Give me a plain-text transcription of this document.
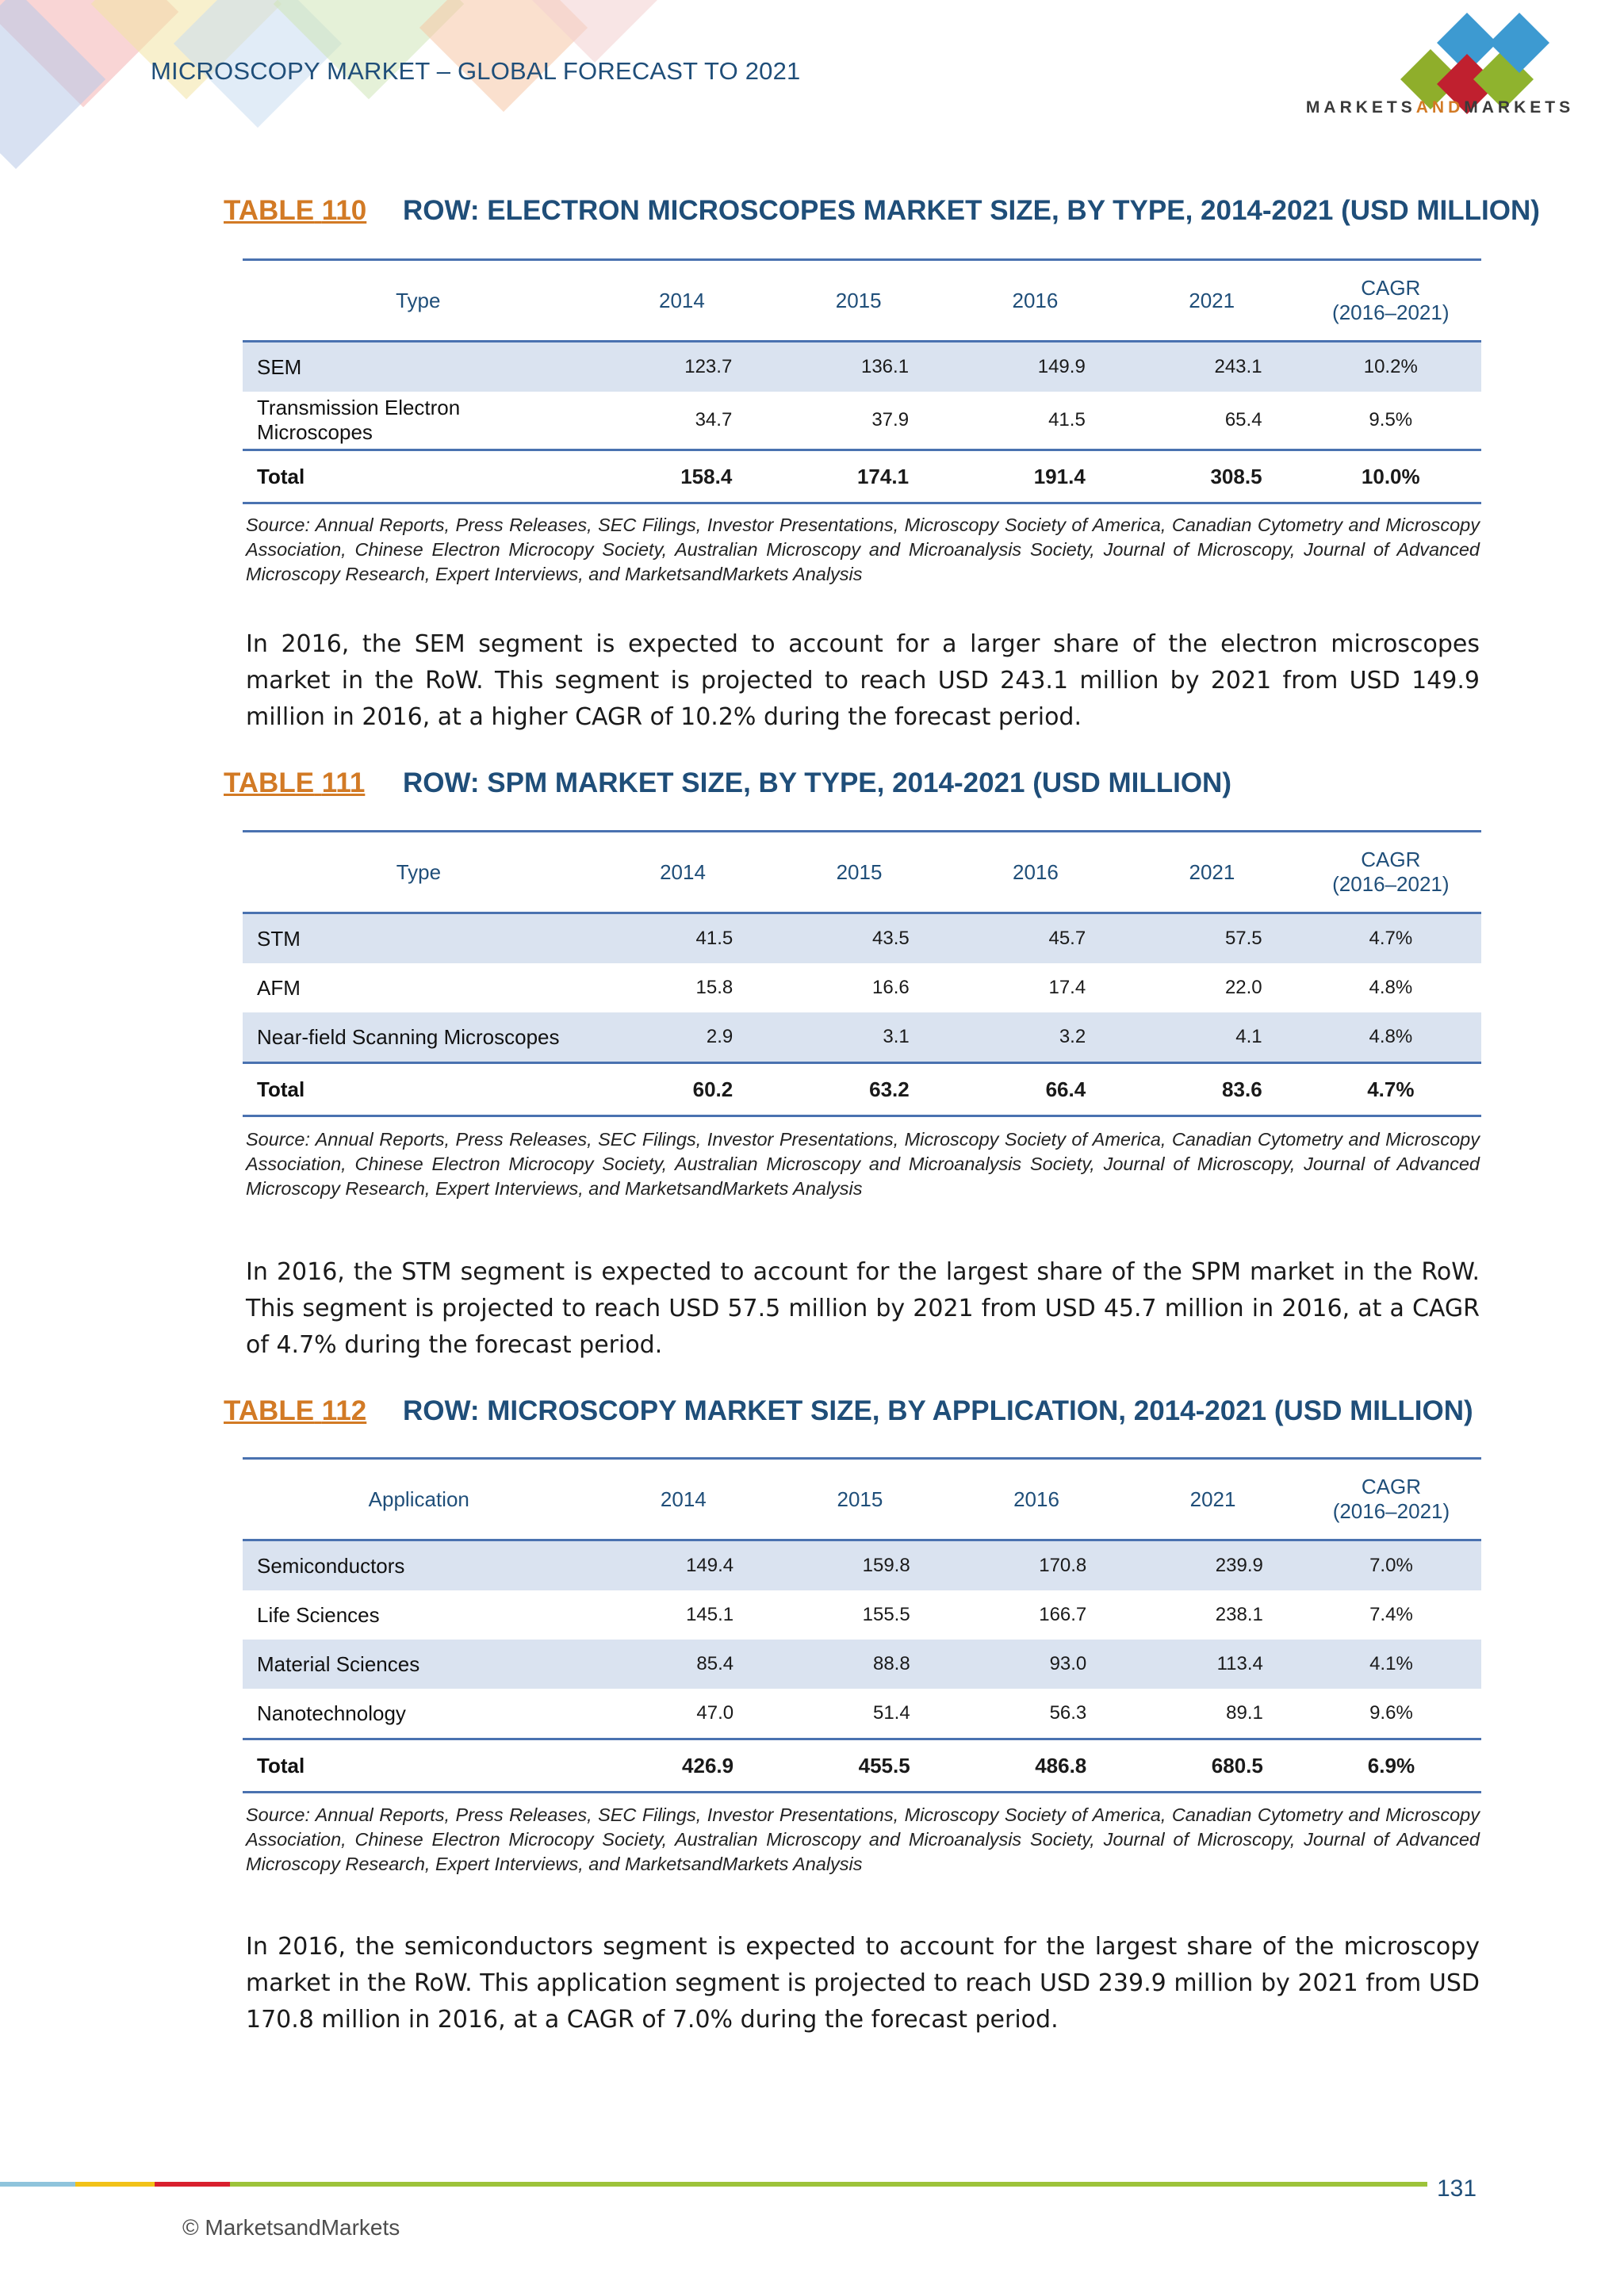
MICROSCOPY MARKET – GLOBAL FORECAST TO 2021
MARKETSANDMARKETS
TABLE 110 ROW: ELECTRON MICROSCOPES MARKET SIZE, BY TYPE, 2014-2021 (USD MILLION)
Type	2014	2015	2016	2021	CAGR
(2016–2021)
SEM	123.7	136.1	149.9	243.1	10.2%
Transmission Electron
Microscopes	34.7	37.9	41.5	65.4	9.5%
Total	158.4	174.1	191.4	308.5	10.0%
Source: Annual Reports, Press Releases, SEC Filings, Investor Presentations, Microscopy Society of America, Canadian Cytometry and Microscopy Association, Chinese Electron Microcopy Society, Australian Microscopy and Microanalysis Society, Journal of Microscopy, Journal of Advanced Microscopy Research, Expert Interviews, and MarketsandMarkets Analysis
In 2016, the SEM segment is expected to account for a larger share of the electron microscopes market in the RoW. This segment is projected to reach USD 243.1 million by 2021 from USD 149.9 million in 2016, at a higher CAGR of 10.2% during the forecast period.
TABLE 111 ROW: SPM MARKET SIZE, BY TYPE, 2014-2021 (USD MILLION)
Type	2014	2015	2016	2021	CAGR
(2016–2021)
STM	41.5	43.5	45.7	57.5	4.7%
AFM	15.8	16.6	17.4	22.0	4.8%
Near-field Scanning Microscopes	2.9	3.1	3.2	4.1	4.8%
Total	60.2	63.2	66.4	83.6	4.7%
Source: Annual Reports, Press Releases, SEC Filings, Investor Presentations, Microscopy Society of America, Canadian Cytometry and Microscopy Association, Chinese Electron Microcopy Society, Australian Microscopy and Microanalysis Society, Journal of Microscopy, Journal of Advanced Microscopy Research, Expert Interviews, and MarketsandMarkets Analysis
In 2016, the STM segment is expected to account for the largest share of the SPM market in the RoW. This segment is projected to reach USD 57.5 million by 2021 from USD 45.7 million in 2016, at a CAGR of 4.7% during the forecast period.
TABLE 112 ROW: MICROSCOPY MARKET SIZE, BY APPLICATION, 2014-2021 (USD MILLION)
Application	2014	2015	2016	2021	CAGR
(2016–2021)
Semiconductors	149.4	159.8	170.8	239.9	7.0%
Life Sciences	145.1	155.5	166.7	238.1	7.4%
Material Sciences	85.4	88.8	93.0	113.4	4.1%
Nanotechnology	47.0	51.4	56.3	89.1	9.6%
Total	426.9	455.5	486.8	680.5	6.9%
Source: Annual Reports, Press Releases, SEC Filings, Investor Presentations, Microscopy Society of America, Canadian Cytometry and Microscopy Association, Chinese Electron Microcopy Society, Australian Microscopy and Microanalysis Society, Journal of Microscopy, Journal of Advanced Microscopy Research, Expert Interviews, and MarketsandMarkets Analysis
In 2016, the semiconductors segment is expected to account for the largest share of the microscopy market in the RoW. This application segment is projected to reach USD 239.9 million by 2021 from USD 170.8 million in 2016, at a CAGR of 7.0% during the forecast period.
131
© MarketsandMarkets
